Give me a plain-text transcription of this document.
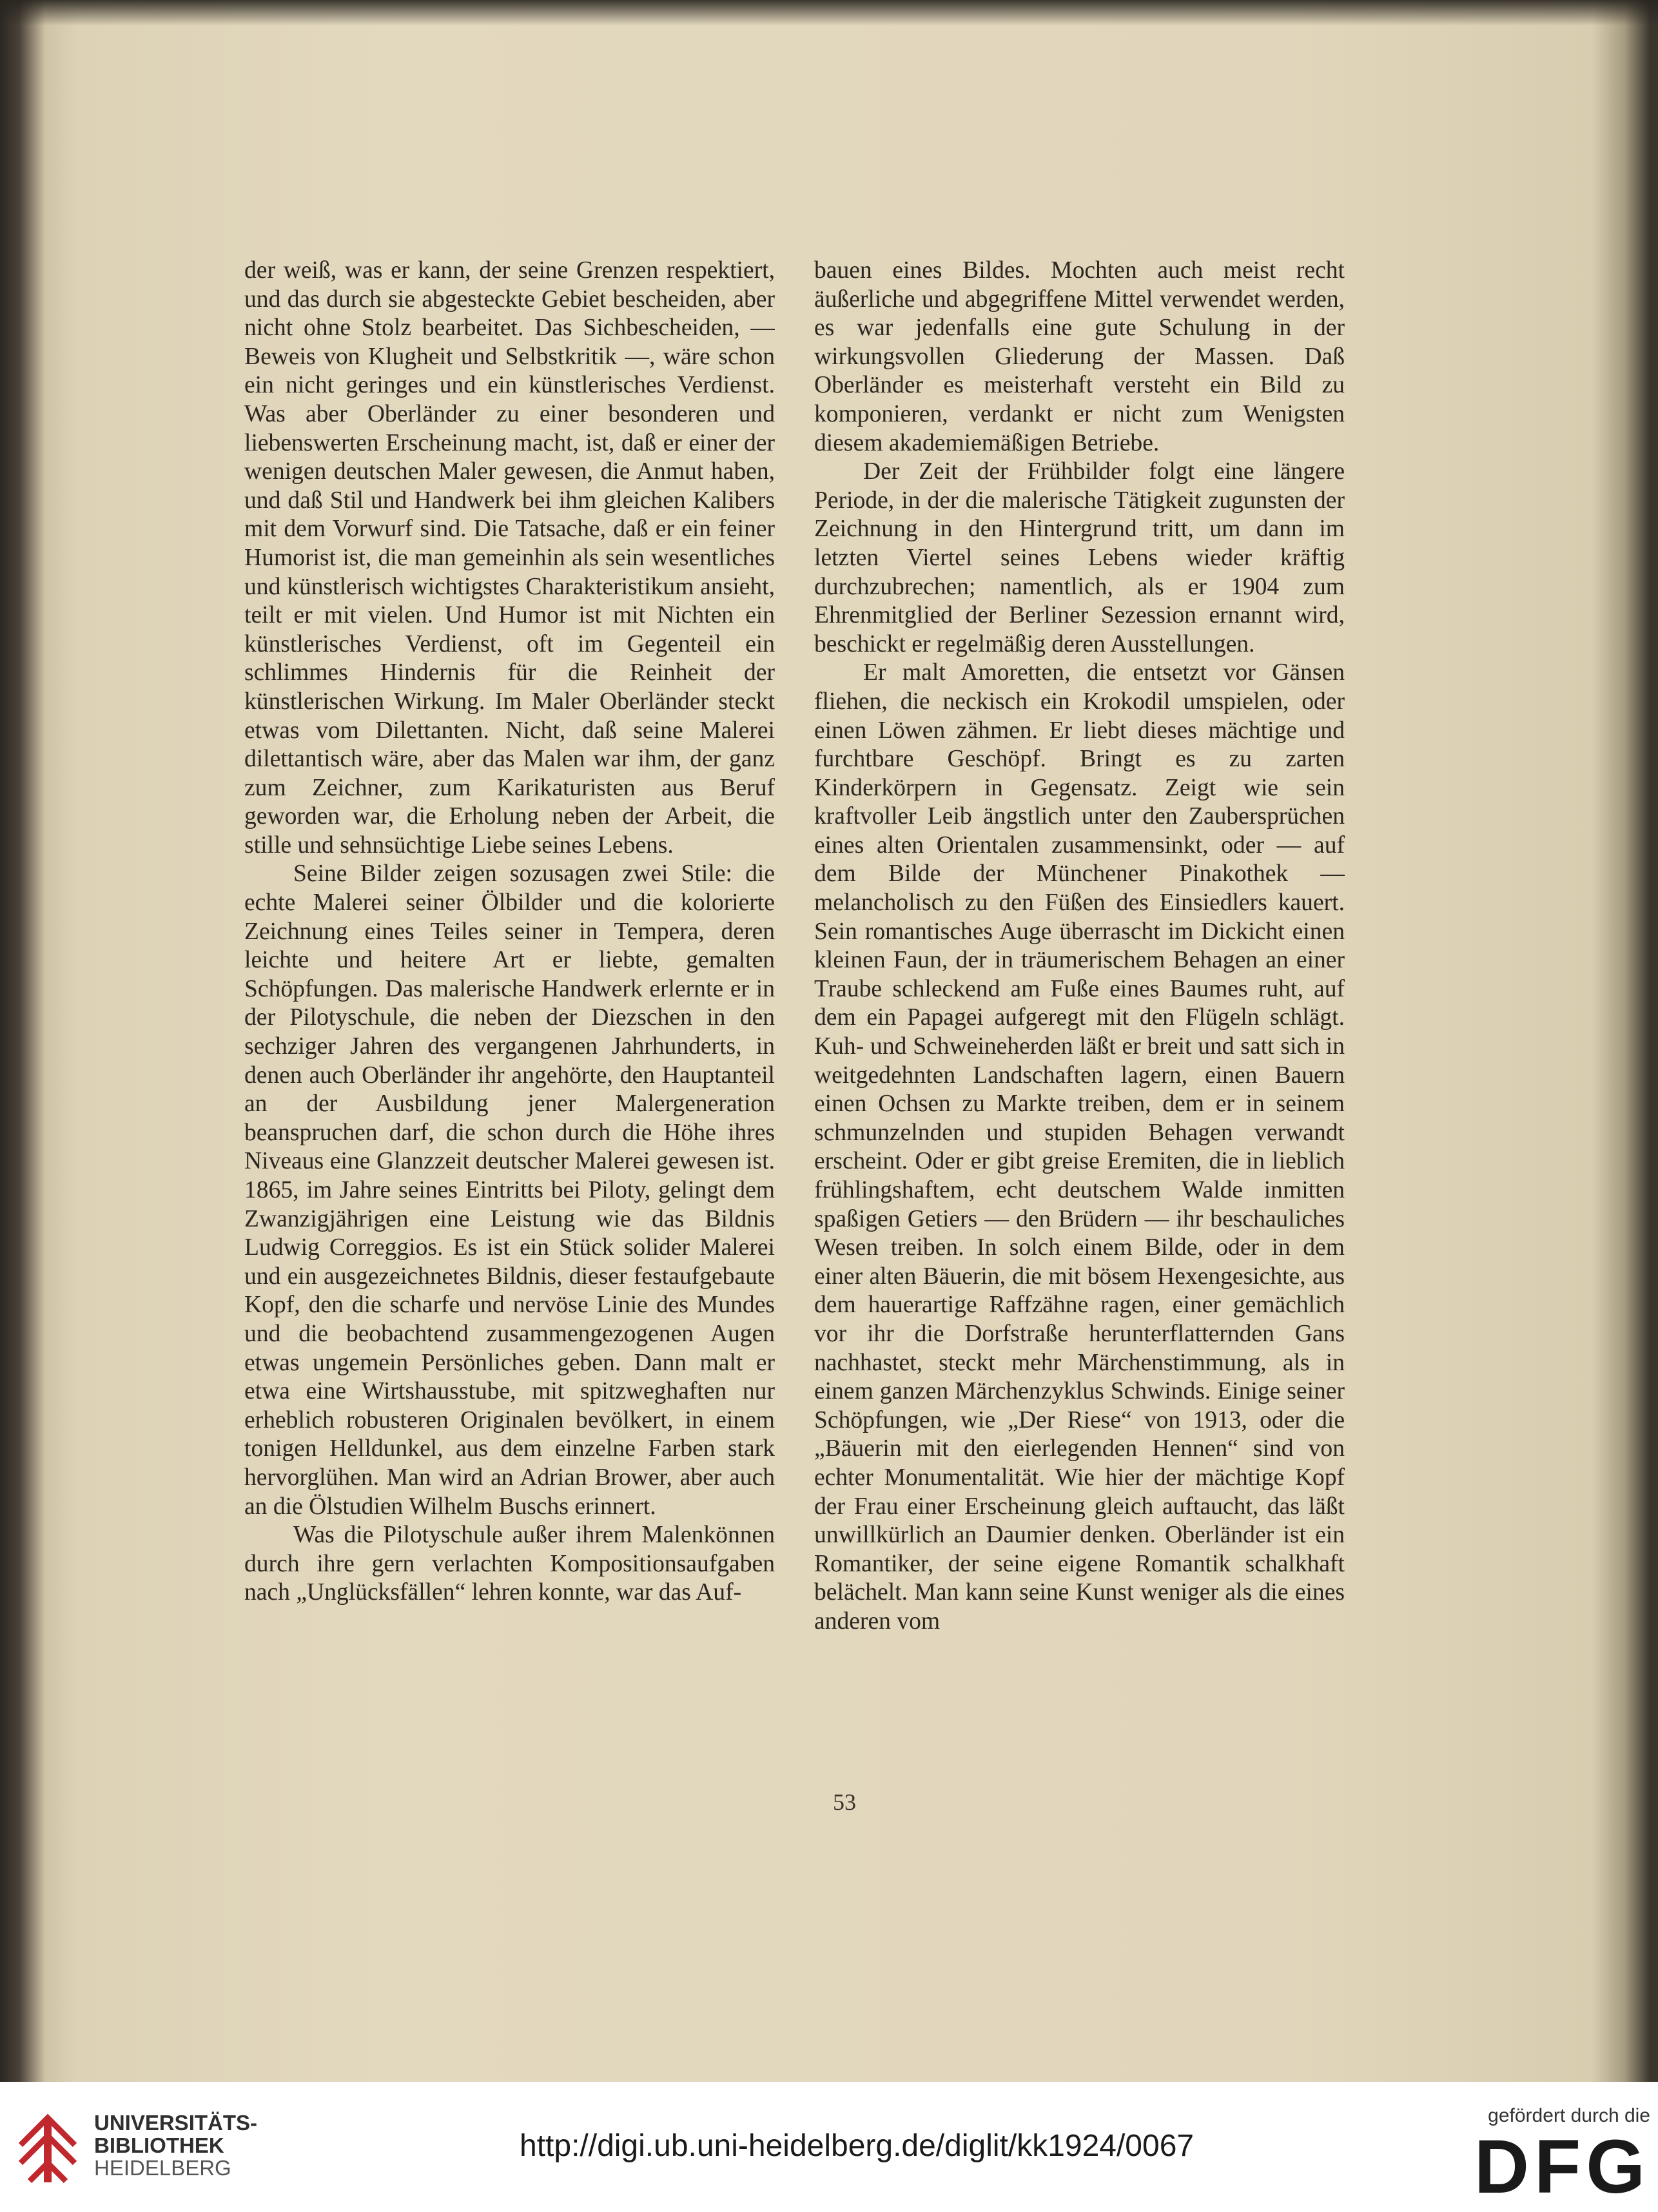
der weiß, was er kann, der seine Grenzen respektiert, und das durch sie abgesteckte Gebiet bescheiden, aber nicht ohne Stolz bearbeitet. Das Sichbescheiden, — Beweis von Klugheit und Selbstkritik —, wäre schon ein nicht geringes und ein künstlerisches Verdienst. Was aber Oberländer zu einer besonderen und liebenswerten Erscheinung macht, ist, daß er einer der wenigen deutschen Maler gewesen, die Anmut haben, und daß Stil und Handwerk bei ihm gleichen Kalibers mit dem Vorwurf sind. Die Tatsache, daß er ein feiner Humorist ist, die man gemeinhin als sein wesentliches und künstlerisch wichtigstes Charakteristikum ansieht, teilt er mit vielen. Und Humor ist mit Nichten ein künstlerisches Verdienst, oft im Gegenteil ein schlimmes Hindernis für die Reinheit der künstlerischen Wirkung. Im Maler Oberländer steckt etwas vom Dilettanten. Nicht, daß seine Malerei dilettantisch wäre, aber das Malen war ihm, der ganz zum Zeichner, zum Karikaturisten aus Beruf geworden war, die Erholung neben der Arbeit, die stille und sehnsüchtige Liebe seines Lebens.

Seine Bilder zeigen sozusagen zwei Stile: die echte Malerei seiner Ölbilder und die kolorierte Zeichnung eines Teiles seiner in Tempera, deren leichte und heitere Art er liebte, gemalten Schöpfungen. Das malerische Handwerk erlernte er in der Pilotyschule, die neben der Diezschen in den sechziger Jahren des vergangenen Jahrhunderts, in denen auch Oberländer ihr angehörte, den Hauptanteil an der Ausbildung jener Malergeneration beanspruchen darf, die schon durch die Höhe ihres Niveaus eine Glanzzeit deutscher Malerei gewesen ist. 1865, im Jahre seines Eintritts bei Piloty, gelingt dem Zwanzigjährigen eine Leistung wie das Bildnis Ludwig Correggios. Es ist ein Stück solider Malerei und ein ausgezeichnetes Bildnis, dieser festaufgebaute Kopf, den die scharfe und nervöse Linie des Mundes und die beobachtend zusammengezogenen Augen etwas ungemein Persönliches geben. Dann malt er etwa eine Wirtshausstube, mit spitzweghaften nur erheblich robusteren Originalen bevölkert, in einem tonigen Helldunkel, aus dem einzelne Farben stark hervorglühen. Man wird an Adrian Brower, aber auch an die Ölstudien Wilhelm Buschs erinnert.

Was die Pilotyschule außer ihrem Malenkönnen durch ihre gern verlachten Kompositionsaufgaben nach „Unglücksfällen“ lehren konnte, war das Auf-

bauen eines Bildes. Mochten auch meist recht äußerliche und abgegriffene Mittel verwendet werden, es war jedenfalls eine gute Schulung in der wirkungsvollen Gliederung der Massen. Daß Oberländer es meisterhaft versteht ein Bild zu komponieren, verdankt er nicht zum Wenigsten diesem akademiemäßigen Betriebe.

Der Zeit der Frühbilder folgt eine längere Periode, in der die malerische Tätigkeit zugunsten der Zeichnung in den Hintergrund tritt, um dann im letzten Viertel seines Lebens wieder kräftig durchzubrechen; namentlich, als er 1904 zum Ehrenmitglied der Berliner Sezession ernannt wird, beschickt er regelmäßig deren Ausstellungen.

Er malt Amoretten, die entsetzt vor Gänsen fliehen, die neckisch ein Krokodil umspielen, oder einen Löwen zähmen. Er liebt dieses mächtige und furchtbare Geschöpf. Bringt es zu zarten Kinderkörpern in Gegensatz. Zeigt wie sein kraftvoller Leib ängstlich unter den Zaubersprüchen eines alten Orientalen zusammensinkt, oder — auf dem Bilde der Münchener Pinakothek — melancholisch zu den Füßen des Einsiedlers kauert. Sein romantisches Auge überrascht im Dickicht einen kleinen Faun, der in träumerischem Behagen an einer Traube schleckend am Fuße eines Baumes ruht, auf dem ein Papagei aufgeregt mit den Flügeln schlägt. Kuh- und Schweineherden läßt er breit und satt sich in weitgedehnten Landschaften lagern, einen Bauern einen Ochsen zu Markte treiben, dem er in seinem schmunzelnden und stupiden Behagen verwandt erscheint. Oder er gibt greise Eremiten, die in lieblich frühlingshaftem, echt deutschem Walde inmitten spaßigen Getiers — den Brüdern — ihr beschauliches Wesen treiben. In solch einem Bilde, oder in dem einer alten Bäuerin, die mit bösem Hexengesichte, aus dem hauerartige Raffzähne ragen, einer gemächlich vor ihr die Dorfstraße herunterflatternden Gans nachhastet, steckt mehr Märchenstimmung, als in einem ganzen Märchenzyklus Schwinds. Einige seiner Schöpfungen, wie „Der Riese“ von 1913, oder die „Bäuerin mit den eierlegenden Hennen“ sind von echter Monumentalität. Wie hier der mächtige Kopf der Frau einer Erscheinung gleich auftaucht, das läßt unwillkürlich an Daumier denken. Oberländer ist ein Romantiker, der seine eigene Romantik schalkhaft belächelt. Man kann seine Kunst weniger als die eines anderen vom

53
UNIVERSITÄTS-
BIBLIOTHEK
HEIDELBERG
http://digi.ub.uni-heidelberg.de/diglit/kk1924/0067
gefördert durch die
DFG
